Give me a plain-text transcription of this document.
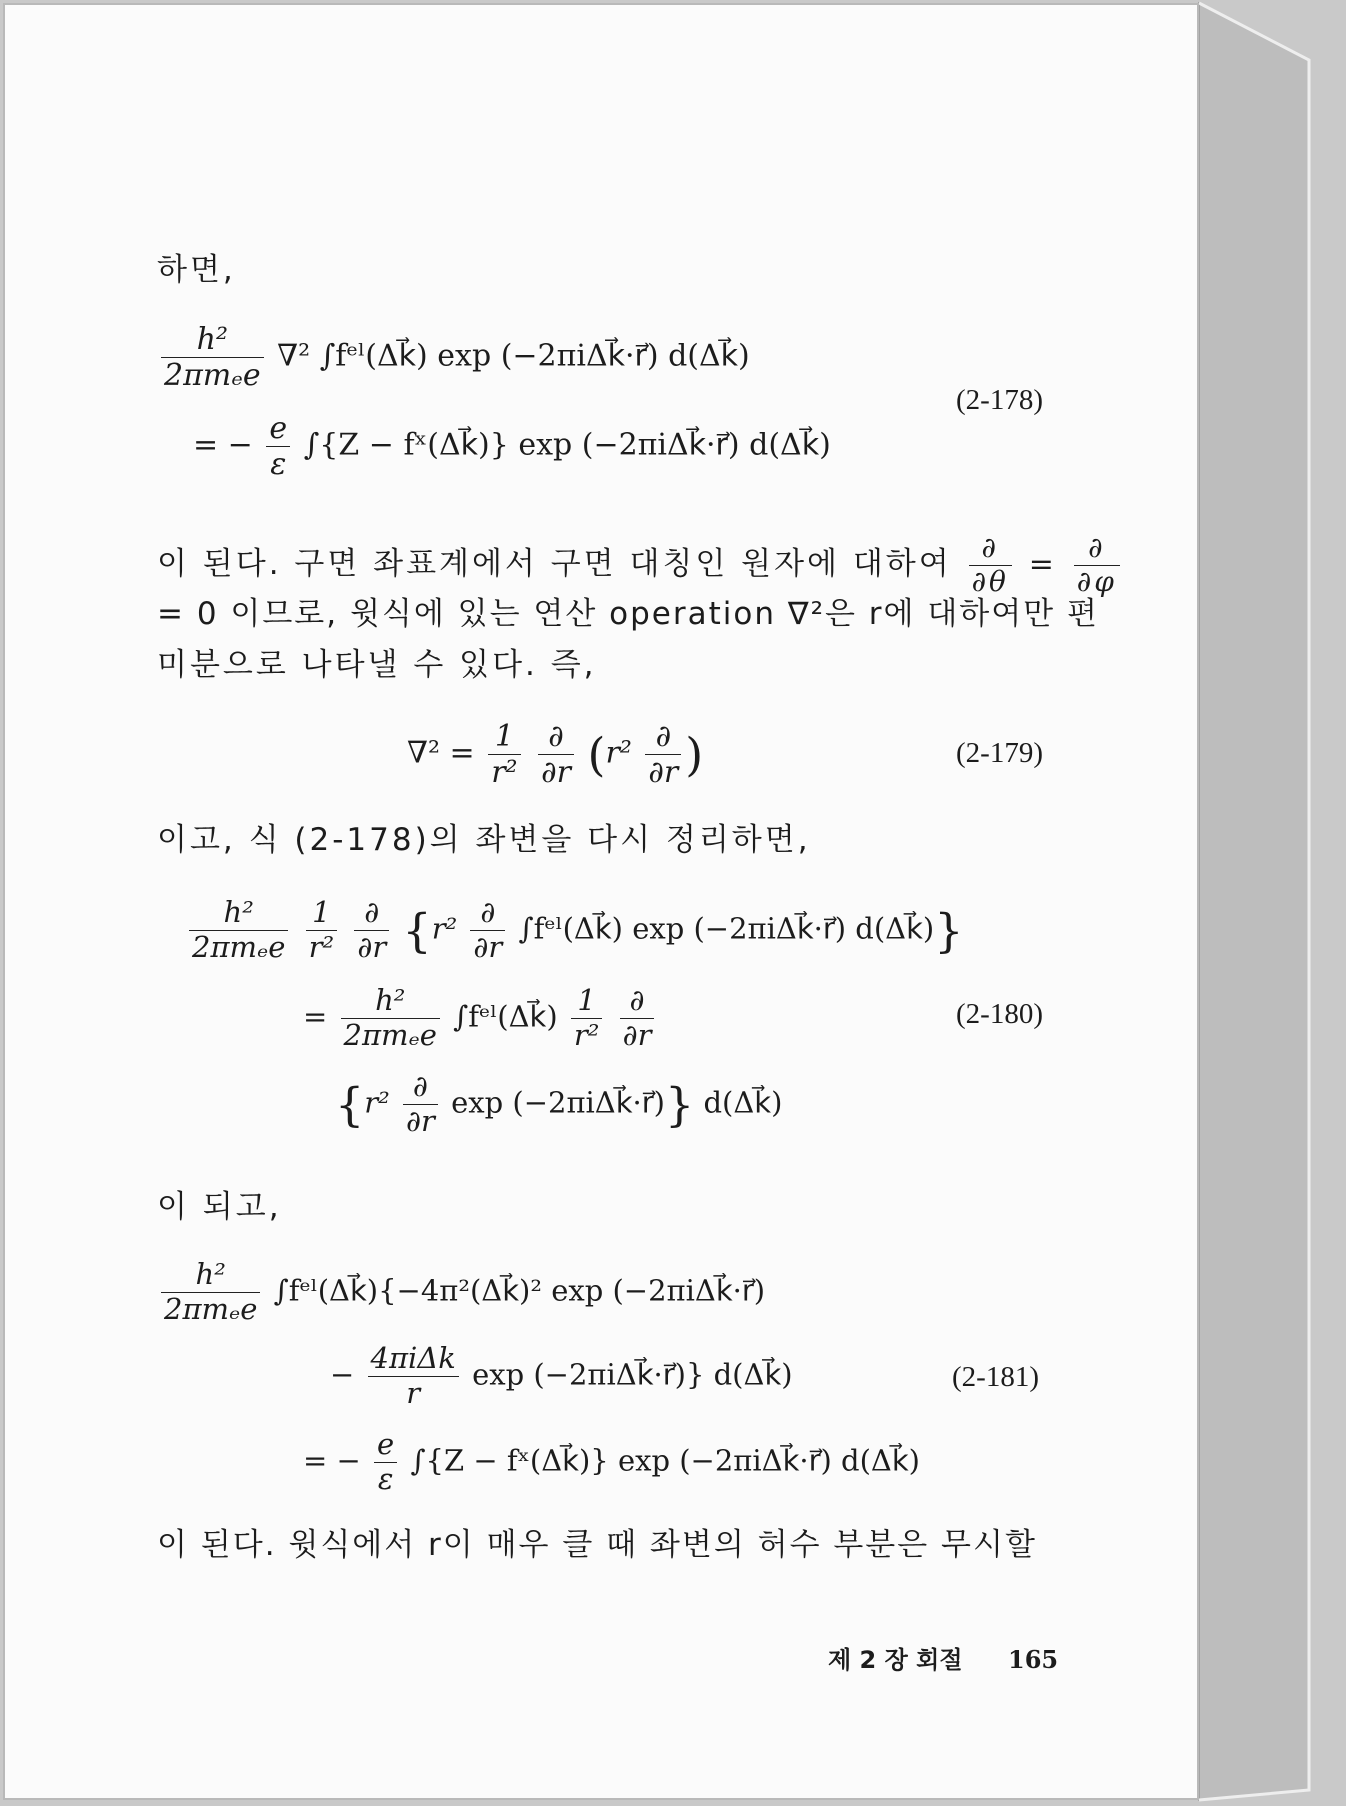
하면,
$\frac{\text{h²}}{\text{2πmₑe}} \nabla^2$ ∫fᵉˡ(Δk⃗) exp (−2πiΔk⃗·r⃗) d(Δk⃗)
= − $\frac{e}{\varepsilon} \int\{Z$ − fˣ(Δk⃗)} exp (−2πiΔk⃗·r⃗) d(Δk⃗)
(2-178)
이 된다. 구면 좌표계에서 구면 대칭인 원자에 대하여 $\frac{\partial}{\partial\theta} = \frac{\partial}{\partial\varphi}$
= 0 이므로, 윗식에 있는 연산 operation ∇²은 r에 대하여만 편
미분으로 나타낼 수 있다. 즉,
$\nabla^2 = \frac{1}{\text{r²}}$
$\frac{\partial}{\partial r} (r^2 \frac{\partial}{\partial r}$ )	(2-179)
이고, 식 (2-178)의 좌변을 다시 정리하면,
$\frac{\text{h²}}{\text{2πmₑe}}$
$\frac{1}{\text{r²}}$
$\frac{\partial}{\partial r} \{r^2 \frac{\partial}{\partial r}$ ∫fᵉˡ(Δk⃗) exp (−2πiΔk⃗·r⃗) d(Δk⃗)}
= $\frac{\text{h²}}{\text{2πmₑe}}$ ∫fᵉˡ(Δk⃗) $\frac{1}{\text{r²}}$
$\frac{\partial}{\partial r}$
{$r^2 \frac{\partial}{\partial r}$ exp (−2πiΔk⃗·r⃗)} d(Δk⃗)
(2-180)
이 되고,
$\frac{\text{h²}}{\text{2πmₑe}}$ ∫fᵉˡ(Δk⃗){−4π²(Δk⃗)² exp (−2πiΔk⃗·r⃗)
− $\frac{\text{4πiΔk}}{r}$ exp (−2πiΔk⃗·r⃗)} d(Δk⃗)
= − $\frac{e}{\varepsilon} \int\{Z$ − fˣ(Δk⃗)} exp (−2πiΔk⃗·r⃗) d(Δk⃗)
(2-181)
이 된다. 윗식에서 r이 매우 클 때 좌변의 허수 부분은 무시할
제 2 장 회절 165
